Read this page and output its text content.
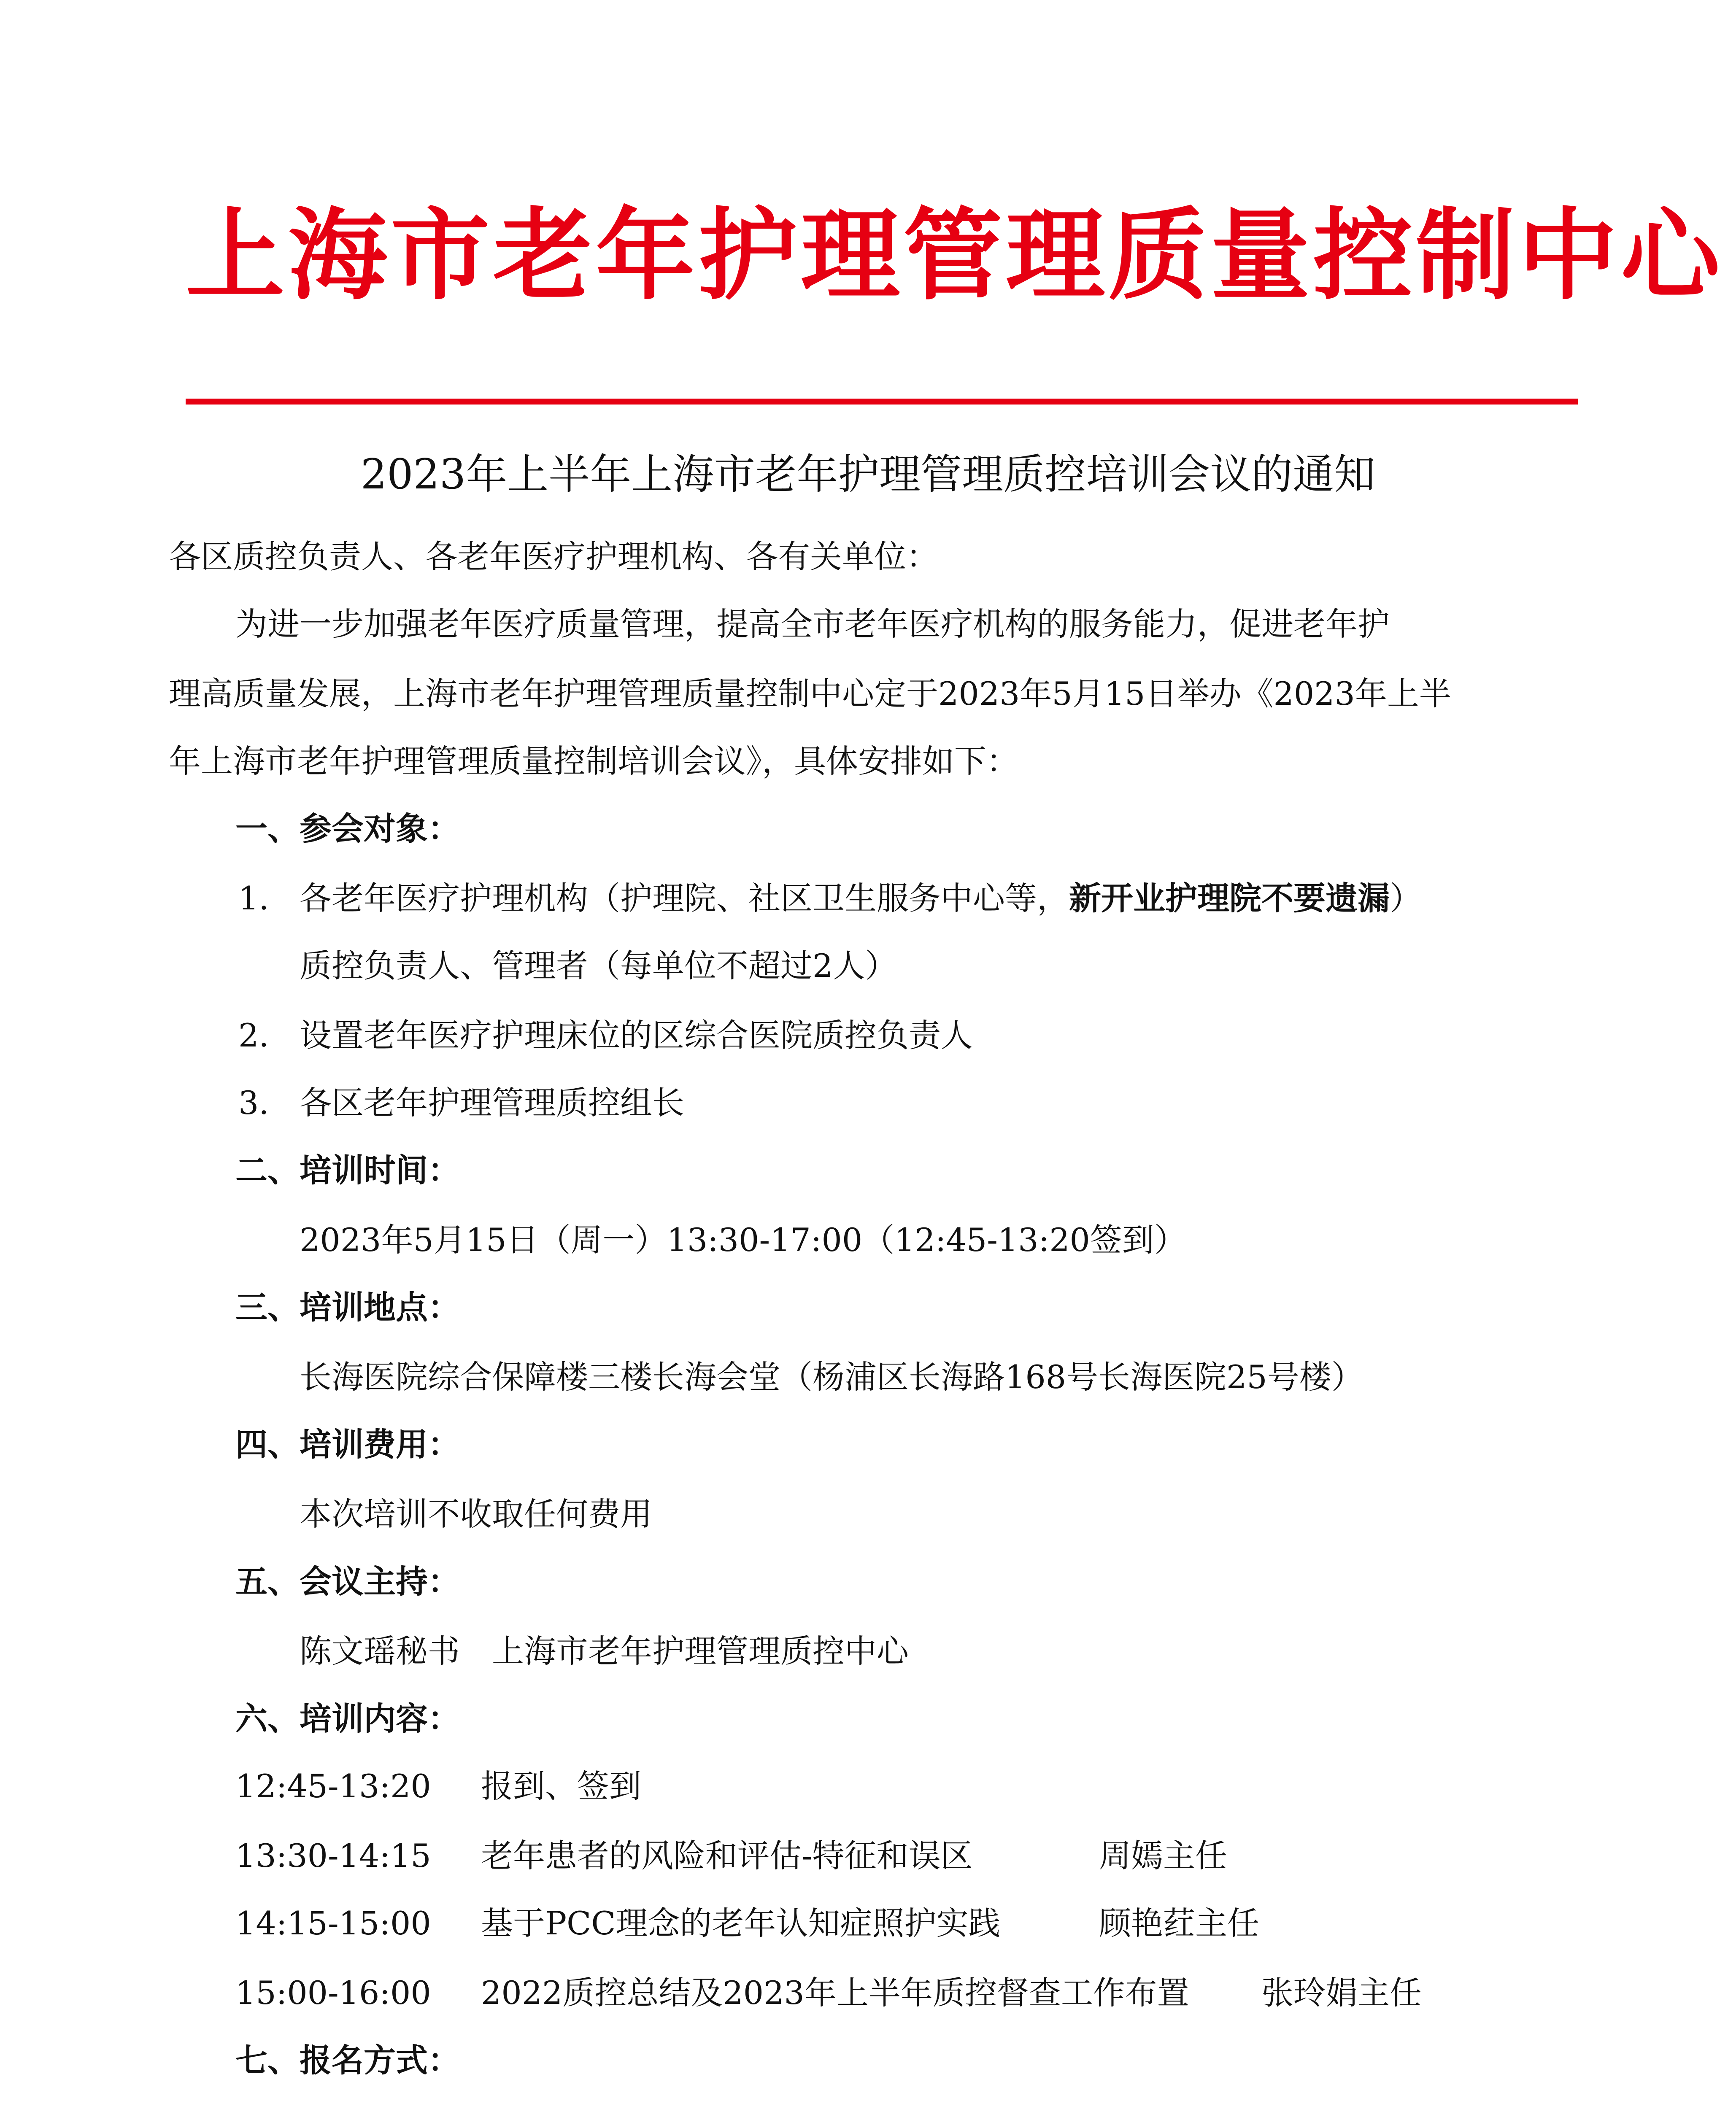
上海市老年护理管理质量控制中心
2023年上半年上海市老年护理管理质控培训会议的通知
各区质控负责人、各老年医疗护理机构、各有关单位：
为进一步加强老年医疗质量管理，提高全市老年医疗机构的服务能力，促进老年护
理高质量发展，上海市老年护理管理质量控制中心定于2023年5月15日举办《2023年上半
年上海市老年护理管理质量控制培训会议》，具体安排如下：
一、参会对象：
1. 各老年医疗护理机构（护理院、社区卫生服务中心等，新开业护理院不要遗漏）
质控负责人、管理者（每单位不超过2人）
2. 设置老年医疗护理床位的区综合医院质控负责人
3. 各区老年护理管理质控组长
二、培训时间：
2023年5月15日（周一）13:30-17:00（12:45-13:20签到）
三、培训地点：
长海医院综合保障楼三楼长海会堂（杨浦区长海路168号长海医院25号楼）
四、培训费用：
本次培训不收取任何费用
五、会议主持：
陈文瑶秘书　上海市老年护理管理质控中心
六、培训内容：
12:45-13:20 报到、签到
13:30-14:15 老年患者的风险和评估-特征和误区	周嫣主任
14:15-15:00 基于PCC理念的老年认知症照护实践	顾艳荭主任
15:00-16:00 2022质控总结及2023年上半年质控督查工作布置 张玲娟主任
七、报名方式：
